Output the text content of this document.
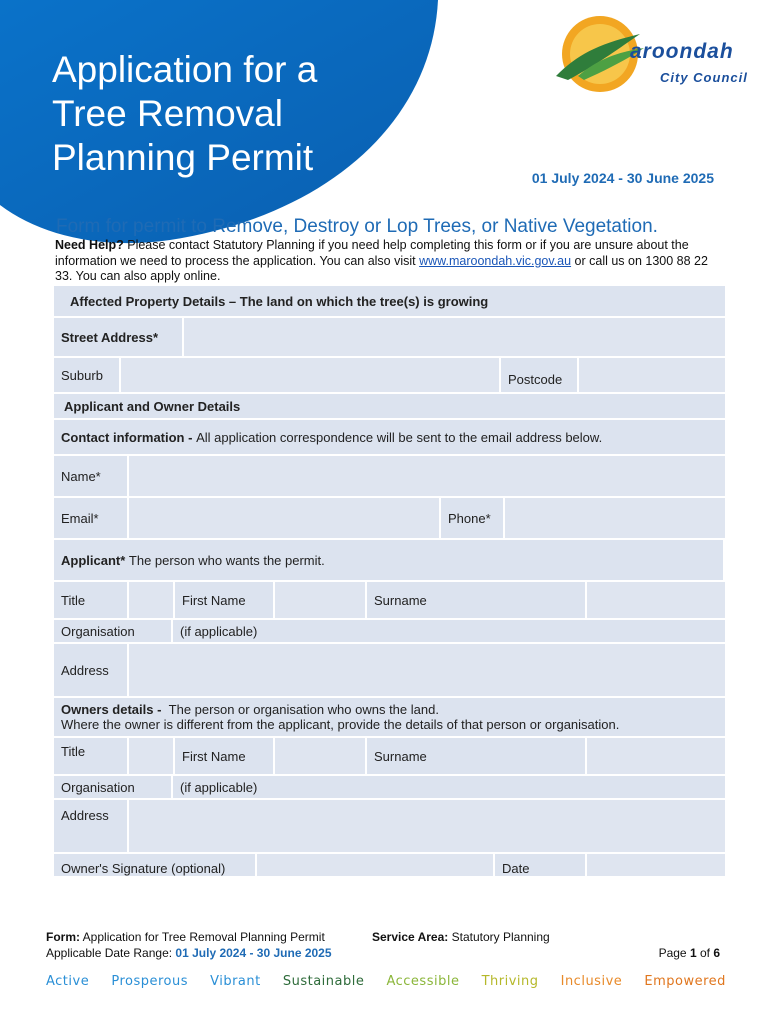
Application for a
Tree Removal
Planning Permit
aroondah
City Council
01 July 2024 - 30 June 2025
Form for permit to Remove, Destroy or Lop Trees, or Native Vegetation.
Need Help? Please contact Statutory Planning if you need help completing this form or if you are unsure about the information we need to process the application. You can also visit www.maroondah.vic.gov.au or call us on 1300 88 22 33. You can also apply online.
Affected Property Details – The land on which the tree(s) is growing
Street Address*
Suburb	Postcode
Applicant and Owner Details
Contact information -
All application correspondence will be sent to the email address below.
Name*
Email*	Phone*
Applicant*
The person who wants the permit.
Title	First Name	Surname
Organisation	(if applicable)
Address
Owners details -  The person or organisation who owns the land.
Where the owner is different from the applicant, provide the details of that person or organisation.
Title	First Name	Surname
Organisation	(if applicable)
Address
Owner's Signature (optional)	Date
Form: Application for Tree Removal Planning Permit	Service Area: Statutory Planning
Applicable Date Range: 01 July 2024 - 30 June 2025	Page 1 of 6
Active Prosperous Vibrant Sustainable Accessible Thriving Inclusive Empowered
